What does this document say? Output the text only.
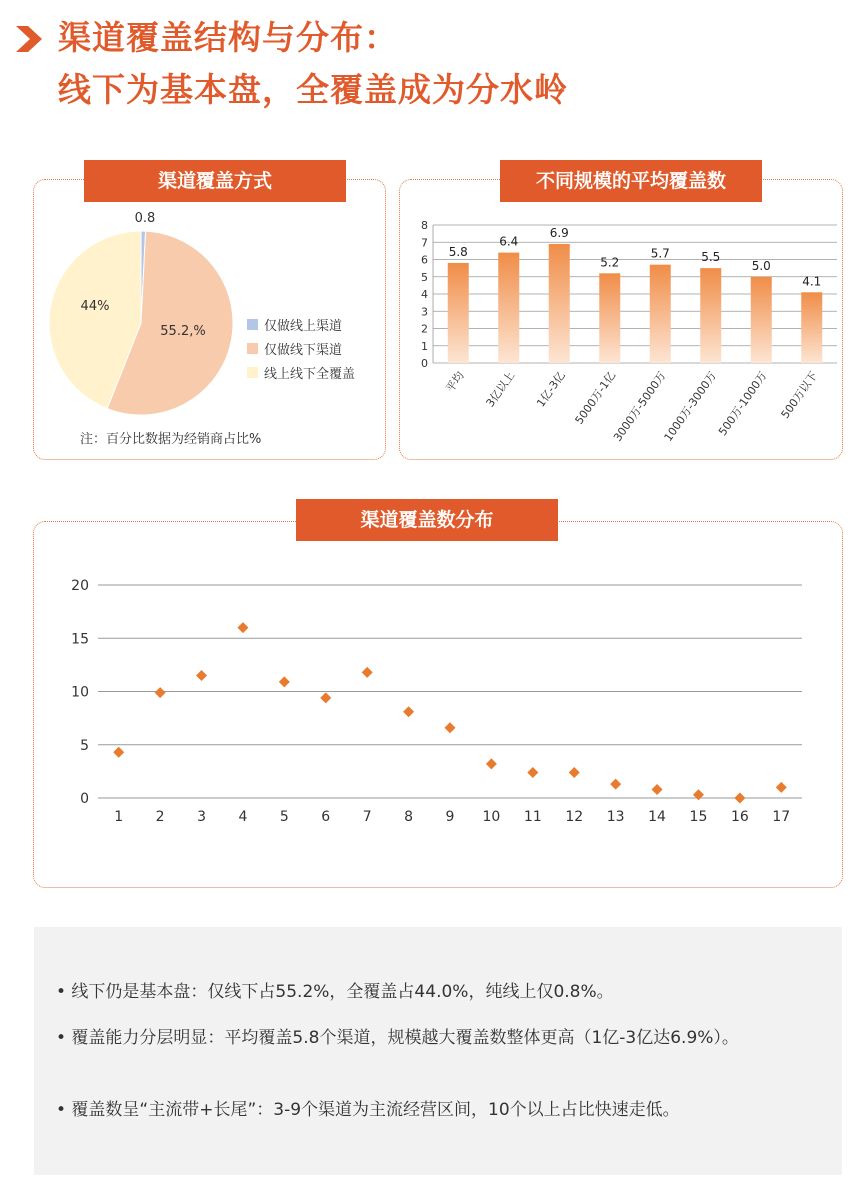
渠道覆盖结构与分布：
线下为基本盘，全覆盖成为分水岭
渠道覆盖方式
0.8
55.2,%
44%
仅做线上渠道
仅做线下渠道
线上线下全覆盖
注：百分比数据为经销商占比%
不同规模的平均覆盖数
0
1
2
3
4
5
6
7
8
5.8
6.4
6.9
5.2
5.7	5.5
5.0
4.1
平均 3亿以上 1亿-3亿 5000万-1亿
3000万-5000万
1000万-3000万
500万-1000万 500万以下
渠道覆盖数分布
0
5
10
15
20
1 2 3 4 5 6 7 8 9 10 11 12 13 14 15 16 17
• 线下仍是基本盘：仅线下占55.2%，全覆盖占44.0%，纯线上仅0.8%。
• 覆盖能力分层明显：平均覆盖5.8个渠道，规模越大覆盖数整体更高（1亿-3亿达6.9%）。
• 覆盖数呈“主流带+长尾”：3-9个渠道为主流经营区间，10个以上占比快速走低。
